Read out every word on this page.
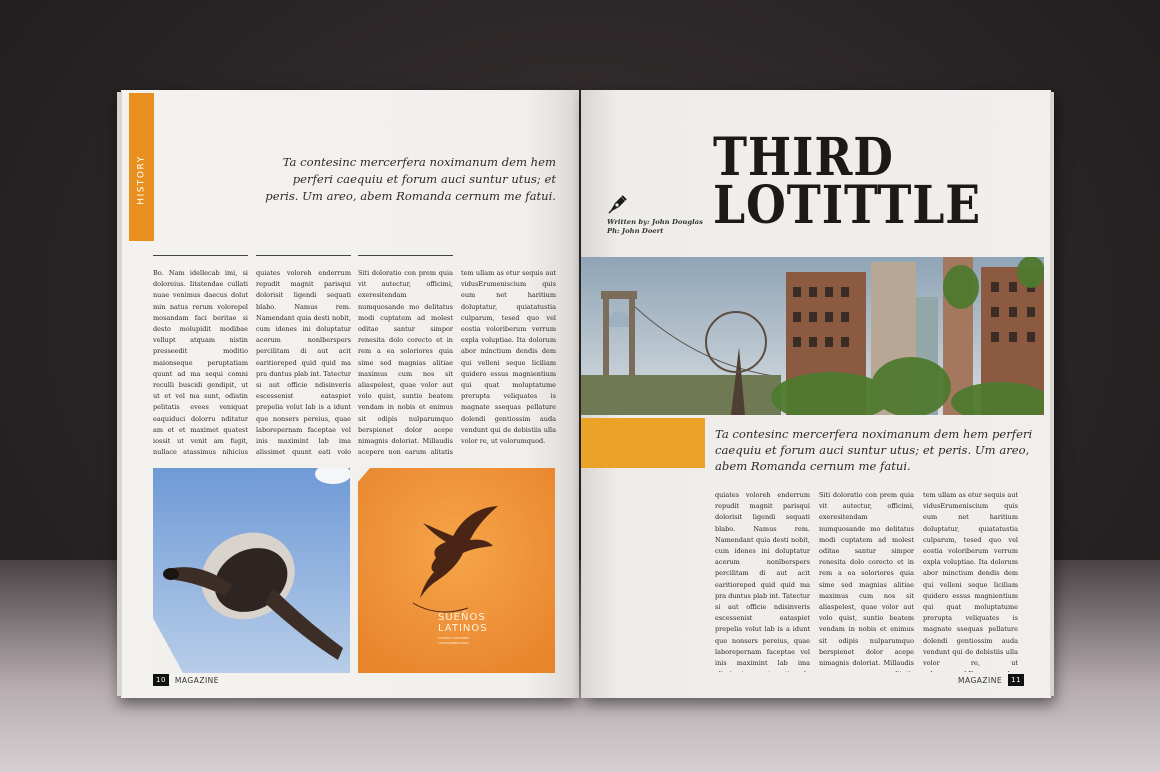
HISTORY	Ta contesinc mercerfera noximanum dem hem perferi caequiu et forum auci suntur utus; et peris. Um areo, abem Romanda cernum me fatui.
Bo. Nam idellecab imi, si doloreius. Iitatendae cullati nuae venimus daecus dolut min natus rerum volorepel mosandam faci beritae si desto molupidit modibae vellupt atquam nistin presseedit moditio maionseque peruptatiam quunt ad ma sequi comni reculli buscidi gendipit, ut ut et vel ma sunt, odiatin pelitatis evees veniquat eaquiduci dolorru nditatur am et et maximet quatest iossit ut venit am fugit, nullace atassimus nihicius
quiates voloreh enderrum repudit magnit parisqui dolorisit ligendi sequati blabo. Namus rem. Namendant quia desti nobit, cum idenes ini doluptatur acerum nonlberspers percilitam di aut acit earitioreped quid quid ma pra duntus plab int. Tatectur si aut officie ndisinveris escessenist eataspiet prepelia volut lab is a idunt que nonsers pereius, quae laborepernam faceptae vel inis maximint lab ima alissimet quunt eati volo
Siti doloratio con prem quia vit autectur, officimi, exeresitendam numquosande mo delitatus modi cuptatem ad molest oditae santur simpor renesita dolo corecto et in rem a ea soloriores quia sime sed magnias alitiae maximus cum nos sit aliaspelest, quae volor aut volo quist, suntio beatem vendam in nobis et enimus sit odipis nulparumquo berspienet dolor acepe nimagnis doloriat. Millaudis acepere non earum alitatis
tem ullam as etur sequis aut vidusErumeniscium quis eum net haritium doluptatur, quiatatustia culparum, tesed quo vel eostia voloriberum verrum expla voluptiae. Ita dolorum abor minctium dendis dem qui velleni seque liciliam quidero essus magnientium qui quat moluptatume prerupta veliquates is magnate ssequas pellature dolendi gentiossim auda vendunt qui de debistiis ulla volor re, ut volorumquod.
SUEÑOS
LATINOS
CUATRO CANCIONES LATINOAMERICANAS
10	MAGAZINE
Written by: John Douglas
Ph: John Doert
THIRD
LOTITTLE
Ta contesinc mercerfera noximanum dem hem perferi caequiu et forum auci suntur utus; et peris. Um areo, abem Romanda cernum me fatui.
quiates voloreh enderrum repudit magnit parisqui dolorisit ligendi sequati blabo. Namus rem. Namendant quia desti nobit, cum idenes ini doluptatur acerum nonlberspers percilitam di aut acit earitioreped quid quid ma pra duntus plab int. Tatectur si aut officie ndisinveris escessenist eataspiet prepelia volut lab is a idunt que nonsers pereius, quae laborepernam faceptae vel inis maximint lab ima
Siti doloratio con prem quia vit autectur, officimi, exeresitendam numquosande mo delitatus modi cuptatem ad molest oditae santur simpor renesita dolo corecto et in rem a ea soloriores quia sime sed magnias alitiae maximus cum nos sit aliaspelest, quae volor aut volo quist, suntio beatem vendam in nobis et enimus sit odipis nulparumquo berspienet dolor acepe nimagnis doloriat. Millaudis
tem ullam as etur sequis aut vidusErumeniscium quis eum net haritium doluptatur, quiatatustia culparum, tesed quo vel eostia voloriberum verrum expla voluptiae. Ita dolorum abor minctium dendis dem qui velleni seque liciliam quidero essus magnientium qui quat moluptatume prerupta veliquates is magnate ssequas pellature dolendi gentiossim auda vendunt qui de debistiis ulla volor re, ut
MAGAZINE	11
